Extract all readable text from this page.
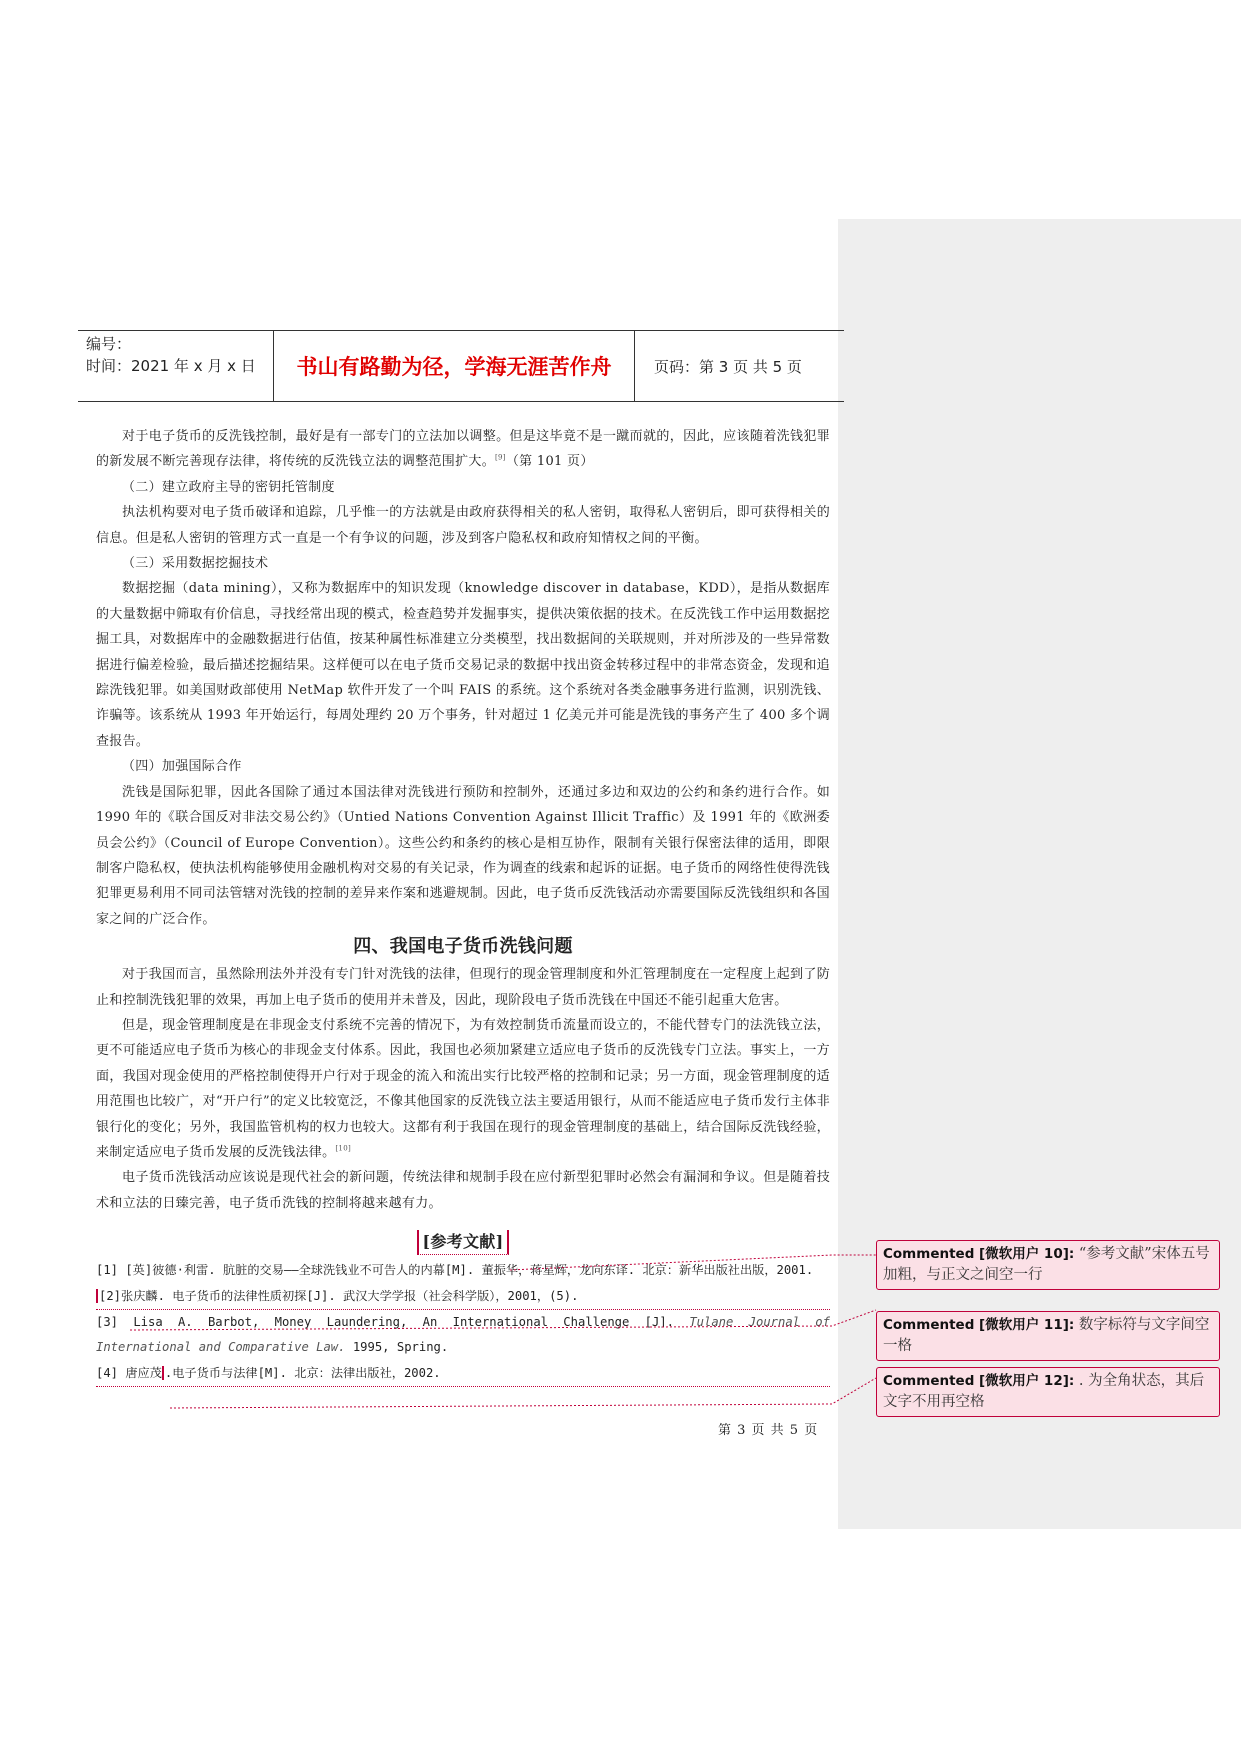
编号：
时间：2021 年 x 月 x 日	书山有路勤为径，学海无涯苦作舟	页码：第 3 页 共 5 页

对于电子货币的反洗钱控制，最好是有一部专门的立法加以调整。但是这毕竟不是一蹴而就的，因此，应该随着洗钱犯罪的新发展不断完善现存法律，将传统的反洗钱立法的调整范围扩大。[9]（第 101 页）

（二）建立政府主导的密钥托管制度

执法机构要对电子货币破译和追踪，几乎惟一的方法就是由政府获得相关的私人密钥，取得私人密钥后，即可获得相关的信息。但是私人密钥的管理方式一直是一个有争议的问题，涉及到客户隐私权和政府知情权之间的平衡。

（三）采用数据挖掘技术

数据挖掘（data mining），又称为数据库中的知识发现（knowledge discover in database，KDD），是指从数据库的大量数据中筛取有价信息，寻找经常出现的模式，检查趋势并发掘事实，提供决策依据的技术。在反洗钱工作中运用数据挖掘工具，对数据库中的金融数据进行估值，按某种属性标准建立分类模型，找出数据间的关联规则，并对所涉及的一些异常数据进行偏差检验，最后描述挖掘结果。这样便可以在电子货币交易记录的数据中找出资金转移过程中的非常态资金，发现和追踪洗钱犯罪。如美国财政部使用 NetMap 软件开发了一个叫 FAIS 的系统。这个系统对各类金融事务进行监测，识别洗钱、诈骗等。该系统从 1993 年开始运行，每周处理约 20 万个事务，针对超过 1 亿美元并可能是洗钱的事务产生了 400 多个调查报告。

（四）加强国际合作

洗钱是国际犯罪，因此各国除了通过本国法律对洗钱进行预防和控制外，还通过多边和双边的公约和条约进行合作。如 1990 年的《联合国反对非法交易公约》（Untied Nations Convention Against Illicit Traffic）及 1991 年的《欧洲委员会公约》（Council of Europe Convention）。这些公约和条约的核心是相互协作，限制有关银行保密法律的适用，即限制客户隐私权，使执法机构能够使用金融机构对交易的有关记录，作为调查的线索和起诉的证据。电子货币的网络性使得洗钱犯罪更易利用不同司法管辖对洗钱的控制的差异来作案和逃避规制。因此，电子货币反洗钱活动亦需要国际反洗钱组织和各国家之间的广泛合作。

四、我国电子货币洗钱问题

对于我国而言，虽然除刑法外并没有专门针对洗钱的法律，但现行的现金管理制度和外汇管理制度在一定程度上起到了防止和控制洗钱犯罪的效果，再加上电子货币的使用并未普及，因此，现阶段电子货币洗钱在中国还不能引起重大危害。

但是，现金管理制度是在非现金支付系统不完善的情况下，为有效控制货币流量而设立的，不能代替专门的法洗钱立法，更不可能适应电子货币为核心的非现金支付体系。因此，我国也必须加紧建立适应电子货币的反洗钱专门立法。事实上，一方面，我国对现金使用的严格控制使得开户行对于现金的流入和流出实行比较严格的控制和记录；另一方面，现金管理制度的适用范围也比较广，对“开户行”的定义比较宽泛，不像其他国家的反洗钱立法主要适用银行，从而不能适应电子货币发行主体非银行化的变化；另外，我国监管机构的权力也较大。这都有利于我国在现行的现金管理制度的基础上，结合国际反洗钱经验，来制定适应电子货币发展的反洗钱法律。[10]

电子货币洗钱活动应该说是现代社会的新问题，传统法律和规制手段在应付新型犯罪时必然会有漏洞和争议。但是随着技术和立法的日臻完善，电子货币洗钱的控制将越来越有力。

[参考文献]

[1] [英]彼德·利雷. 肮脏的交易——全球洗钱业不可告人的内幕[M]. 董振华，蒋星辉，龙向东译. 北京：新华出版社出版，2001.

[2]张庆麟. 电子货币的法律性质初探[J]. 武汉大学学报（社会科学版），2001，(5).

[3] Lisa A. Barbot, Money Laundering, An International Challenge [J]. Tulane Journal of International and Comparative Law. 1995, Spring.

[4] 唐应茂 .电子货币与法律[M]. 北京：法律出版社，2002.

第 3 页 共 5 页
Commented [微软用户 10]: “参考文献”宋体五号加粗，与正文之间空一行
Commented [微软用户 11]: 数字标符与文字间空一格
Commented [微软用户 12]: . 为全角状态，其后文字不用再空格
